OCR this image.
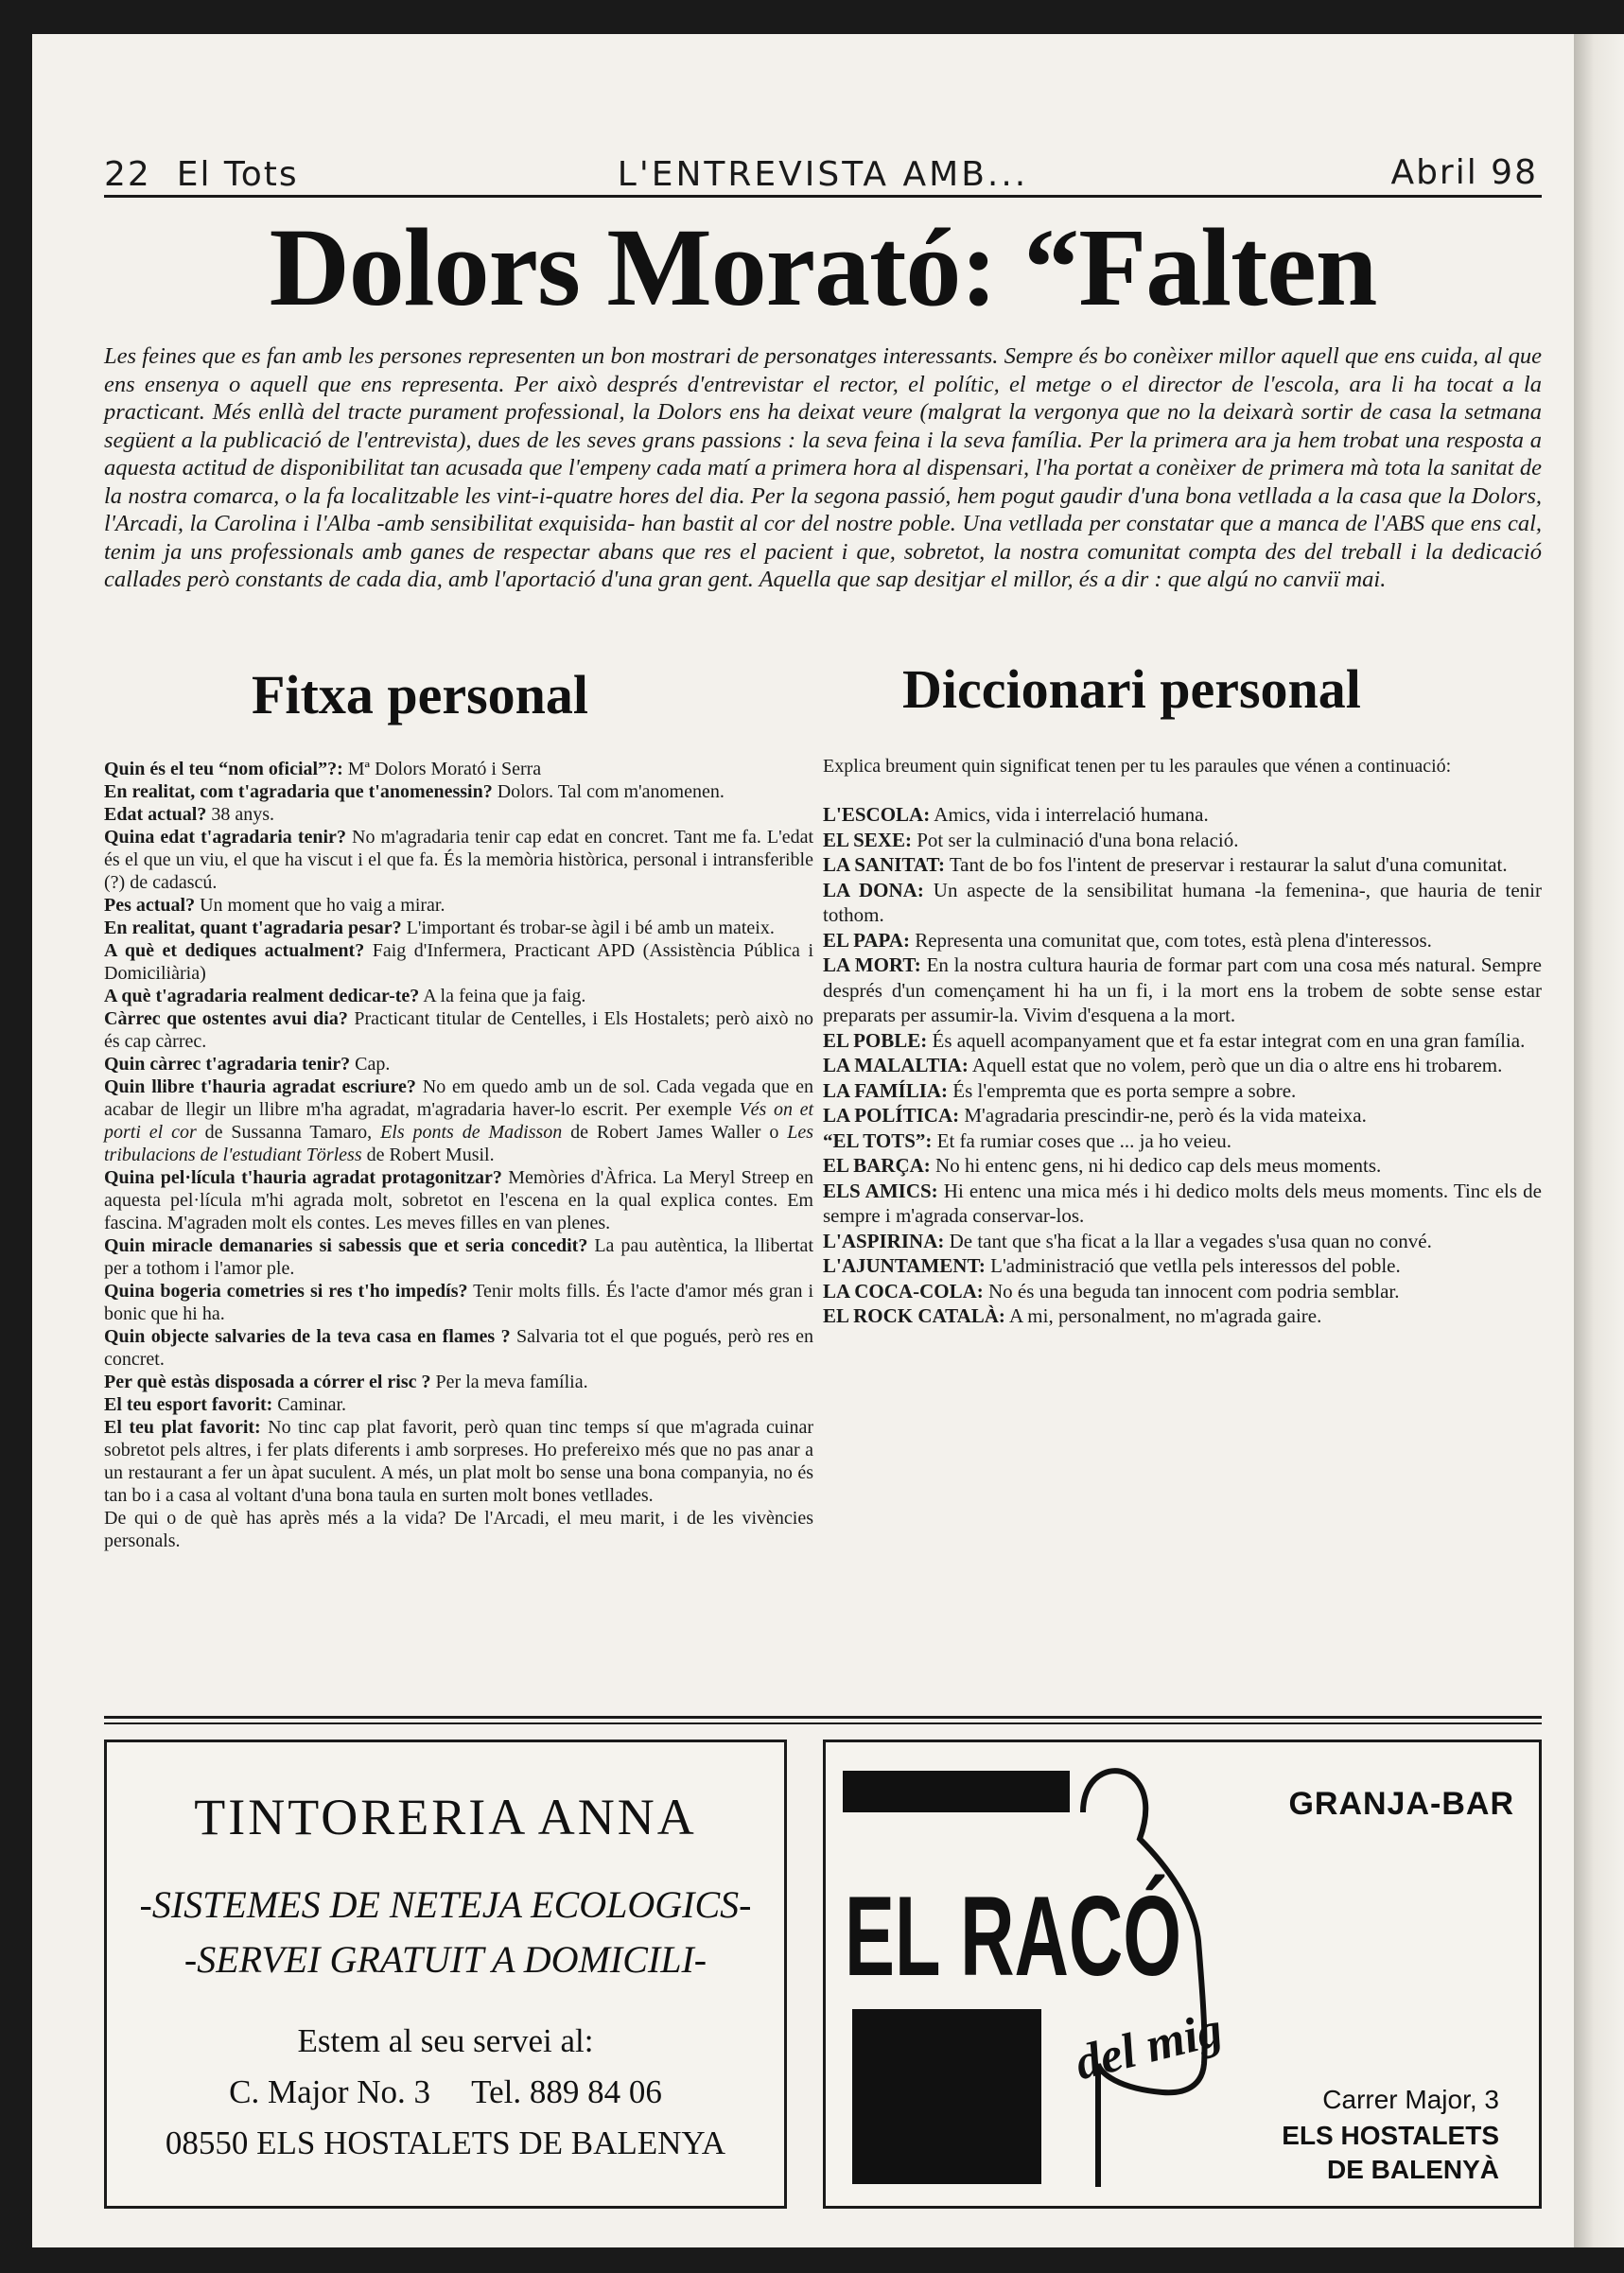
22 El Tots	L'ENTREVISTA AMB...	Abril 98
Dolors Morató: “Falten
Les feines que es fan amb les persones representen un bon mostrari de personatges interessants. Sempre és bo conèixer millor aquell que ens cuida, al que ens ensenya o aquell que ens representa. Per això després d'entrevistar el rector, el polític, el metge o el director de l'escola, ara li ha tocat a la practicant. Més enllà del tracte purament professional, la Dolors ens ha deixat veure (malgrat la vergonya que no la deixarà sortir de casa la setmana següent a la publicació de l'entrevista), dues de les seves grans passions : la seva feina i la seva família. Per la primera ara ja hem trobat una resposta a aquesta actitud de disponibilitat tan acusada que l'empeny cada matí a primera hora al dispensari, l'ha portat a conèixer de primera mà tota la sanitat de la nostra comarca, o la fa localitzable les vint-i-quatre hores del dia. Per la segona passió, hem pogut gaudir d'una bona vetllada a la casa que la Dolors, l'Arcadi, la Carolina i l'Alba -amb sensibilitat exquisida- han bastit al cor del nostre poble. Una vetllada per constatar que a manca de l'ABS que ens cal, tenim ja uns professionals amb ganes de respectar abans que res el pacient i que, sobretot, la nostra comunitat compta des del treball i la dedicació callades però constants de cada dia, amb l'aportació d'una gran gent. Aquella que sap desitjar el millor, és a dir : que algú no canviï mai.
Fitxa personal	Diccionari personal

Quin és el teu “nom oficial”?: Mª Dolors Morató i Serra

En realitat, com t'agradaria que t'anomenessin? Dolors. Tal com m'anomenen.

Edat actual? 38 anys.

Quina edat t'agradaria tenir? No m'agradaria tenir cap edat en concret. Tant me fa. L'edat és el que un viu, el que ha viscut i el que fa. És la memòria històrica, personal i intransferible (?) de cadascú.

Pes actual? Un moment que ho vaig a mirar.

En realitat, quant t'agradaria pesar? L'important és trobar-se àgil i bé amb un mateix.

A què et dediques actualment? Faig d'Infermera, Practicant APD (Assistència Pública i Domiciliària)

A què t'agradaria realment dedicar-te? A la feina que ja faig.

Càrrec que ostentes avui dia? Practicant titular de Centelles, i Els Hostalets; però això no és cap càrrec.

Quin càrrec t'agradaria tenir? Cap.

Quin llibre t'hauria agradat escriure? No em quedo amb un de sol. Cada vegada que en acabar de llegir un llibre m'ha agradat, m'agradaria haver-lo escrit. Per exemple Vés on et porti el cor de Sussanna Tamaro, Els ponts de Madisson de Robert James Waller o Les tribulacions de l'estudiant Törless de Robert Musil.

Quina pel·lícula t'hauria agradat protagonitzar? Memòries d'Àfrica. La Meryl Streep en aquesta pel·lícula m'hi agrada molt, sobretot en l'escena en la qual explica contes. Em fascina. M'agraden molt els contes. Les meves filles en van plenes.

Quin miracle demanaries si sabessis que et seria concedit? La pau autèntica, la llibertat per a tothom i l'amor ple.

Quina bogeria cometries si res t'ho impedís? Tenir molts fills. És l'acte d'amor més gran i bonic que hi ha.

Quin objecte salvaries de la teva casa en flames ? Salvaria tot el que pogués, però res en concret.

Per què estàs disposada a córrer el risc ? Per la meva família.

El teu esport favorit: Caminar.

El teu plat favorit: No tinc cap plat favorit, però quan tinc temps sí que m'agrada cuinar sobretot pels altres, i fer plats diferents i amb sorpreses. Ho prefereixo més que no pas anar a un restaurant a fer un àpat suculent. A més, un plat molt bo sense una bona companyia, no és tan bo i a casa al voltant d'una bona taula en surten molt bones vetllades.

De qui o de què has après més a la vida? De l'Arcadi, el meu marit, i de les vivències personals.

Explica breument quin significat tenen per tu les paraules que vénen a continuació:

L'ESCOLA: Amics, vida i interrelació humana.

EL SEXE: Pot ser la culminació d'una bona relació.

LA SANITAT: Tant de bo fos l'intent de preservar i restaurar la salut d'una comunitat.

LA DONA: Un aspecte de la sensibilitat humana -la femenina-, que hauria de tenir tothom.

EL PAPA: Representa una comunitat que, com totes, està plena d'interessos.

LA MORT: En la nostra cultura hauria de formar part com una cosa més natural. Sempre després d'un començament hi ha un fi, i la mort ens la trobem de sobte sense estar preparats per assumir-la. Vivim d'esquena a la mort.

EL POBLE: És aquell acompanyament que et fa estar integrat com en una gran família.

LA MALALTIA: Aquell estat que no volem, però que un dia o altre ens hi trobarem.

LA FAMÍLIA: És l'empremta que es porta sempre a sobre.

LA POLÍTICA: M'agradaria prescindir-ne, però és la vida mateixa.

“EL TOTS”: Et fa rumiar coses que ... ja ho veieu.

EL BARÇA: No hi entenc gens, ni hi dedico cap dels meus moments.

ELS AMICS: Hi entenc una mica més i hi dedico molts dels meus moments. Tinc els de sempre i m'agrada conservar-los.

L'ASPIRINA: De tant que s'ha ficat a la llar a vegades s'usa quan no convé.

L'AJUNTAMENT: L'administració que vetlla pels interessos del poble.

LA COCA-COLA: No és una beguda tan innocent com podria semblar.

EL ROCK CATALÀ: A mi, personalment, no m'agrada gaire.

TINTORERIA ANNA
-SISTEMES DE NETEJA ECOLOGICS-
-SERVEI GRATUIT A DOMICILI-
Estem al seu servei al:
C. Major No. 3     Tel. 889 84 06
08550 ELS HOSTALETS DE BALENYA
EL RACÓ
del mig
GRANJA-BAR
Carrer Major, 3
ELS HOSTALETS
DE BALENYÀ
